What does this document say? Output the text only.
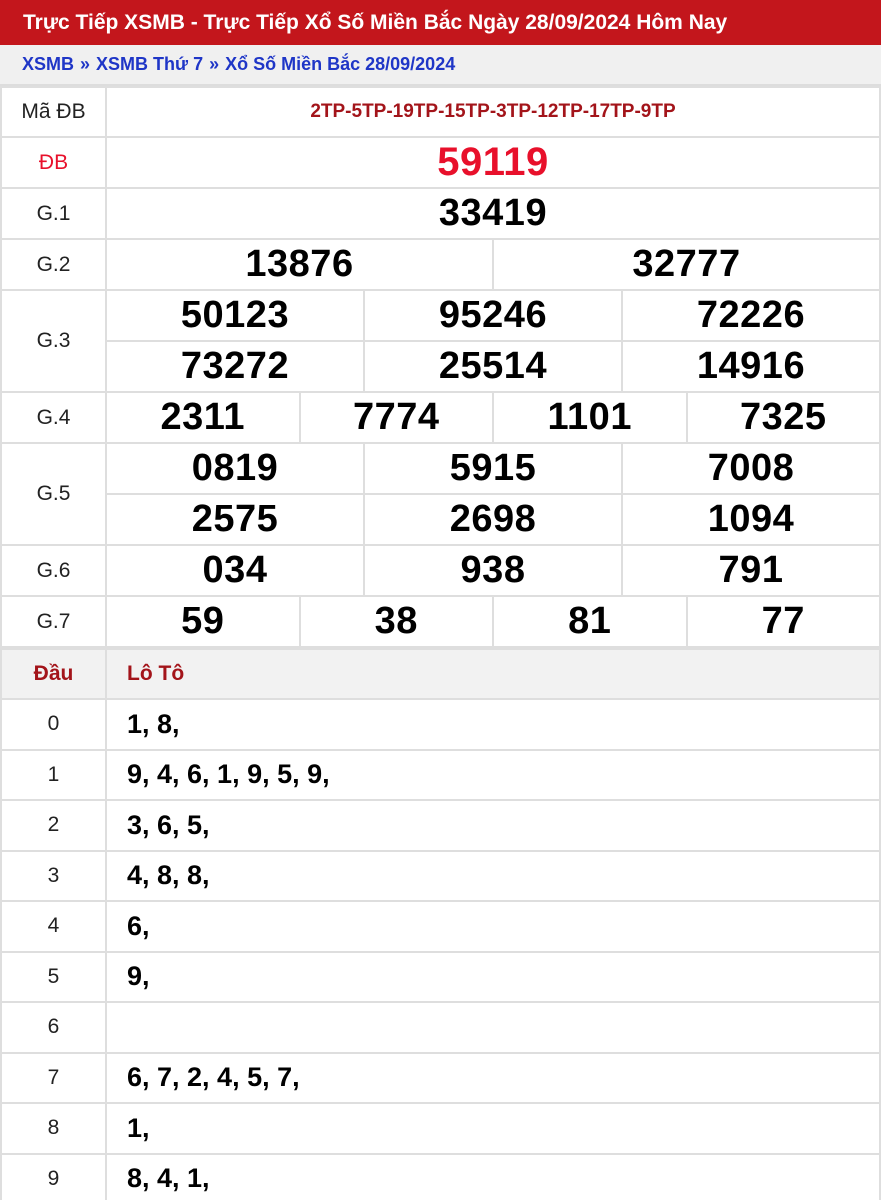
Trực Tiếp XSMB - Trực Tiếp Xổ Số Miền Bắc Ngày 28/09/2024 Hôm Nay
XSMB » XSMB Thứ 7 » Xổ Số Miền Bắc 28/09/2024
Mã ĐB	2TP-5TP-19TP-15TP-3TP-12TP-17TP-9TP					
ĐB	59119					
G.1	33419					
G.2	13876			32777		
G.3	50123		95246		72226	
	73272		25514		14916	
G.4	2311	7774		1101		7325
G.5	0819		5915		7008	
	2575		2698		1094	
G.6	034		938		791	
G.7	59	38		81		77
Đầu	Lô Tô
0	1, 8,
1	9, 4, 6, 1, 9, 5, 9,
2	3, 6, 5,
3	4, 8, 8,
4	6,
5	9,
6	
7	6, 7, 2, 4, 5, 7,
8	1,
9	8, 4, 1,
